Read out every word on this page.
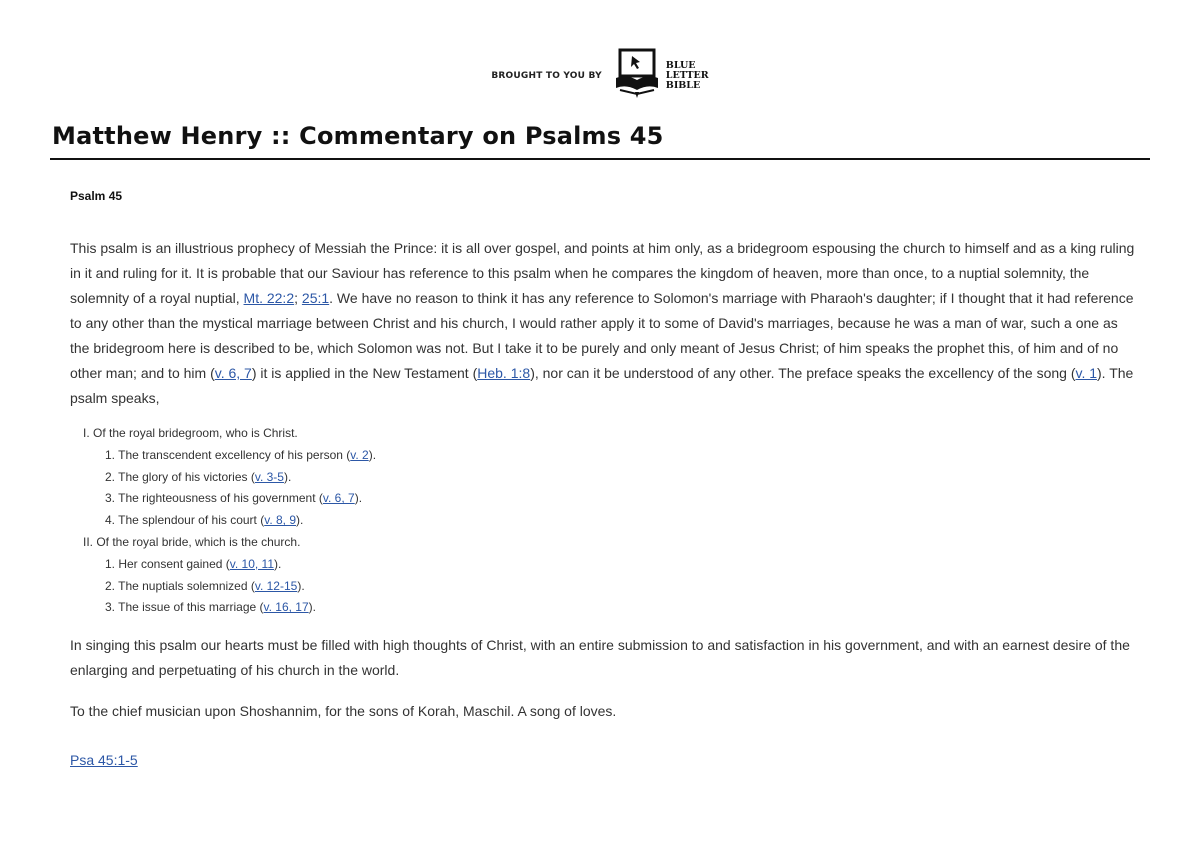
BROUGHT TO YOU BY
BLUE
LETTER
BIBLE
Matthew Henry :: Commentary on Psalms 45

Psalm 45

This psalm is an illustrious prophecy of Messiah the Prince: it is all over gospel, and points at him only, as a bridegroom espousing the church to himself and as a king ruling in it and ruling for it. It is probable that our Saviour has reference to this psalm when he compares the kingdom of heaven, more than once, to a nuptial solemnity, the solemnity of a royal nuptial, Mt. 22:2; 25:1. We have no reason to think it has any reference to Solomon's marriage with Pharaoh's daughter; if I thought that it had reference to any other than the mystical marriage between Christ and his church, I would rather apply it to some of David's marriages, because he was a man of war, such a one as the bridegroom here is described to be, which Solomon was not. But I take it to be purely and only meant of Jesus Christ; of him speaks the prophet this, of him and of no other man; and to him (v. 6, 7) it is applied in the New Testament (Heb. 1:8), nor can it be understood of any other. The preface speaks the excellency of the song (v. 1). The psalm speaks,

I. Of the royal bridegroom, who is Christ.
1. The transcendent excellency of his person (v. 2).
2. The glory of his victories (v. 3-5).
3. The righteousness of his government (v. 6, 7).
4. The splendour of his court (v. 8, 9).
II. Of the royal bride, which is the church.
1. Her consent gained (v. 10, 11).
2. The nuptials solemnized (v. 12-15).
3. The issue of this marriage (v. 16, 17).

In singing this psalm our hearts must be filled with high thoughts of Christ, with an entire submission to and satisfaction in his government, and with an earnest desire of the enlarging and perpetuating of his church in the world.

To the chief musician upon Shoshannim, for the sons of Korah, Maschil. A song of loves.

Psa 45:1-5
